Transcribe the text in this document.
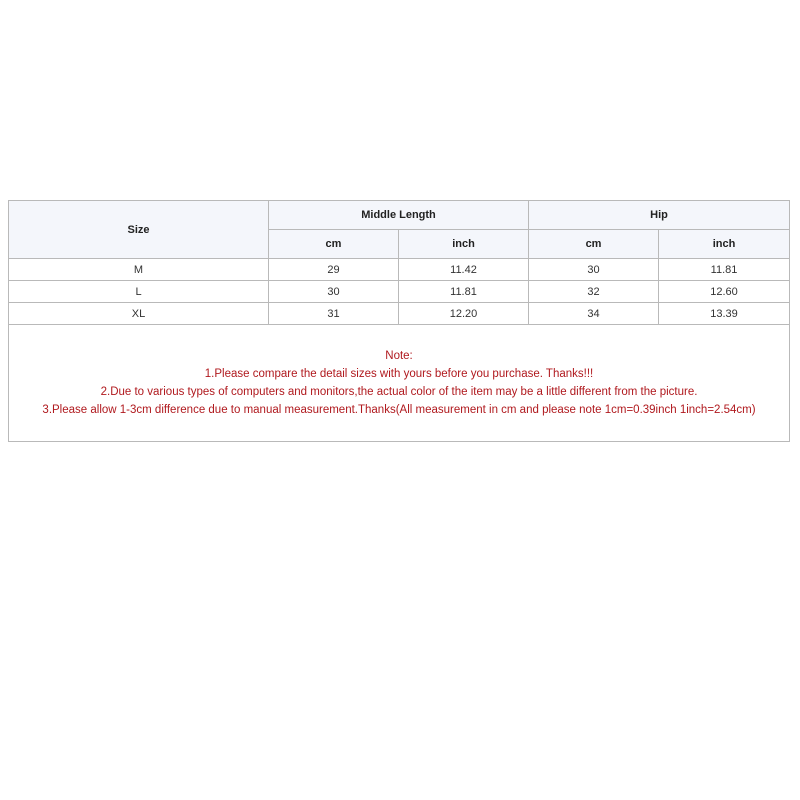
Size	Middle Length		Hip	
	cm	inch	cm	inch
M	29	11.42	30	11.81
L	30	11.81	32	12.60
XL	31	12.20	34	13.39

Note:
1.Please compare the detail sizes with yours before you purchase. Thanks!!!
2.Due to various types of computers and monitors,the actual color of the item may be a little different from the picture.
3.Please allow 1-3cm difference due to manual measurement.Thanks(All measurement in cm and please note 1cm=0.39inch 1inch=2.54cm)				
